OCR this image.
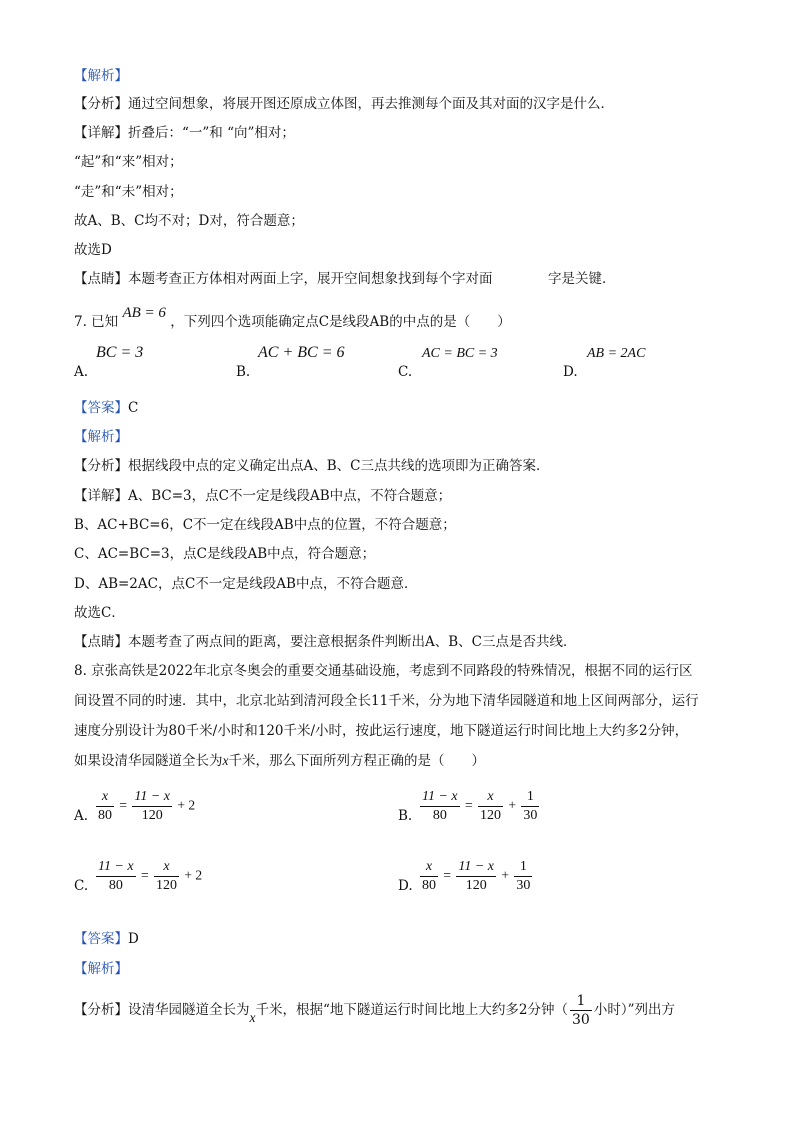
【解析】
【分析】通过空间想象，将展开图还原成立体图，再去推测每个面及其对面的汉字是什么．
【详解】折叠后：“一”和 “向”相对；
“起”和“来”相对；
“走”和“未”相对；
故A、B、C均不对；D对，符合题意；
故选D
【点睛】本题考查正方体相对两面上字，展开空间想象找到每个字对面	字是关键．
7. 已知 AB = 6 ，下列四个选项能确定点C是线段AB的中点的是（　　）
A.
BC = 3
B.
AC + BC = 6
C.
AC = BC = 3
D.
AB = 2AC
【答案】C
【解析】
【分析】根据线段中点的定义确定出点A、B、C三点共线的选项即为正确答案．
【详解】A、BC=3，点C不一定是线段AB中点，不符合题意；
B、AC+BC=6，C不一定在线段AB中点的位置，不符合题意；
C、AC=BC=3，点C是线段AB中点，符合题意；
D、AB=2AC，点C不一定是线段AB中点，不符合题意．
故选C．
【点睛】本题考查了两点间的距离，要注意根据条件判断出A、B、C三点是否共线．
8. 京张高铁是2022年北京冬奥会的重要交通基础设施，考虑到不同路段的特殊情况，根据不同的运行区
间设置不同的时速．其中，北京北站到清河段全长11千米，分为地下清华园隧道和地上区间两部分，运行
速度分别设计为80千米/小时和120千米/小时，按此运行速度，地下隧道运行时间比地上大约多2分钟，
如果设清华园隧道全长为x千米，那么下面所列方程正确的是（　　）
A. $\frac{x}{80} = \frac{11 - x}{120} + 2$
B. $\frac{11 - x}{80} = \frac{x}{120} + \frac{1}{30}$
C. $\frac{11 - x}{80} = \frac{x}{120} + 2$
D. $\frac{x}{80} = \frac{11 - x}{120} + \frac{1}{30}$
【答案】D
【解析】
【分析】设清华园隧道全长为x千米，根据“地下隧道运行时间比地上大约多2分钟（ $\frac{1}{30}$ 小时）”列出方
